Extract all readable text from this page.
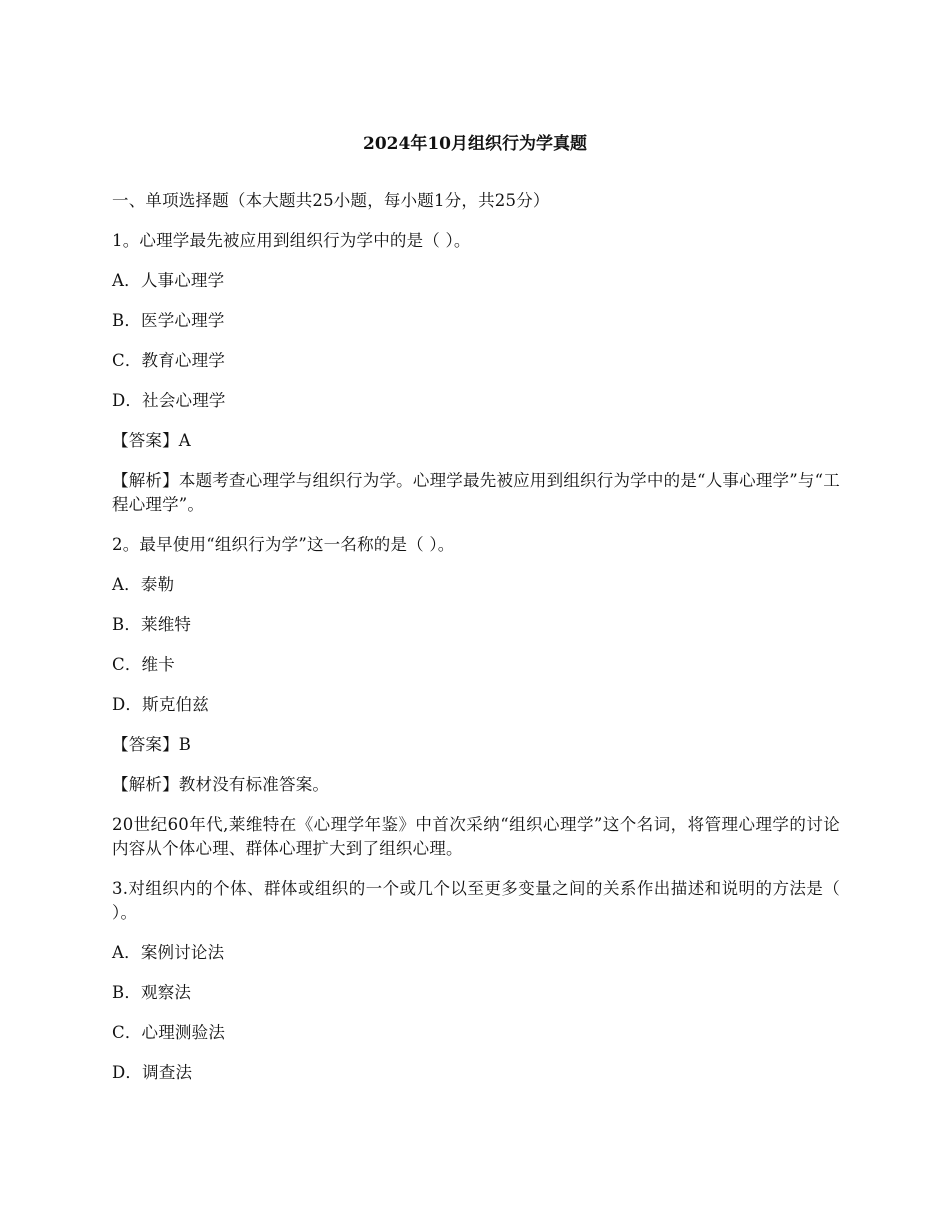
2024年10月组织行为学真题
一、单项选择题（本大题共25小题，每小题1分，共25分）
1。心理学最先被应用到组织行为学中的是（ ）。
A．人事心理学
B．医学心理学
C．教育心理学
D．社会心理学
【答案】A
【解析】本题考查心理学与组织行为学。心理学最先被应用到组织行为学中的是“人事心理学”与“工程心理学”。
2。最早使用“组织行为学”这一名称的是（ ）。
A．泰勒
B．莱维特
C．维卡
D．斯克伯兹
【答案】B
【解析】教材没有标准答案。
20世纪60年代,莱维特在《心理学年鉴》中首次采纳“组织心理学”这个名词，将管理心理学的讨论内容从个体心理、群体心理扩大到了组织心理。
3.对组织内的个体、群体或组织的一个或几个以至更多变量之间的关系作出描述和说明的方法是（ ）。
A．案例讨论法
B．观察法
C．心理测验法
D．调查法
